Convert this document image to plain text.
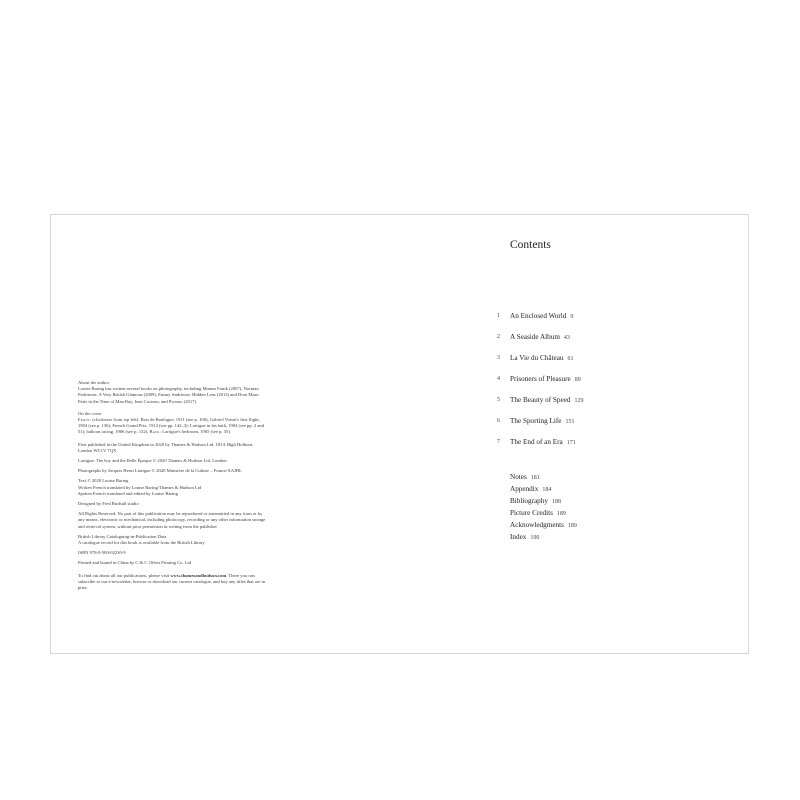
About the author

Louise Baring has written several books on photography, including Mumm Frank (2007), Norman Parkinson: A Very British Glamour (2009), Emmy Andriesse: Hidden Lens (2013) and Dora Maar: Paris in the Time of Man Ray, Jean Cocteau, and Picasso (2017).

On the cover

Front: (clockwise from top left): Bois de Boulogne, 1911 (see p. 106); Gabriel Voisin's first flight, 1904 (see p. 136); French Grand Prix, 1912 (see pp. 142–3); Lartigue in his bath, 1904 (see pp. 2 and 51); balloon racing, 1906 (see p. 132). Back: Lartigue's bedroom, 1905 (see p. 35).

First published in the United Kingdom in 2020 by Thames & Hudson Ltd, 181A High Holborn, London WC1V 7QX

Lartigue: The boy and the Belle Époque © 2020 Thames & Hudson Ltd, London

Photographs by Jacques Henri Lartigue © 2020 Ministère de la Culture – France/AAJHL

Text © 2020 Louise Baring

Written French translated by Louise Baring/Thames & Hudson Ltd

Spoken French translated and edited by Louise Baring

Designed by Fred Birdsall studio

All Rights Reserved. No part of this publication may be reproduced or transmitted in any form or by any means, electronic or mechanical, including photocopy, recording or any other information storage and retrieval system, without prior permission in writing from the publisher.

British Library Cataloguing-in-Publication Data

A catalogue record for this book is available from the British Library

ISBN 978-0-500-02230-9

Printed and bound in China by C & C Offset Printing Co. Ltd

To find out about all our publications, please visit www.thamesandhudson.com. There you can subscribe to our e-newsletter, browse or download our current catalogue, and buy any titles that are in print.

Contents
1 An Enclosed World 9
2 A Seaside Album 43
3 La Vie du Château 61
4 Prisoners of Pleasure 89
5 The Beauty of Speed 129
6 The Sporting Life 151
7 The End of an Era 171
Notes 181
Appendix 184
Bibliography 188
Picture Credits 189
Acknowledgments 189
Index 190
